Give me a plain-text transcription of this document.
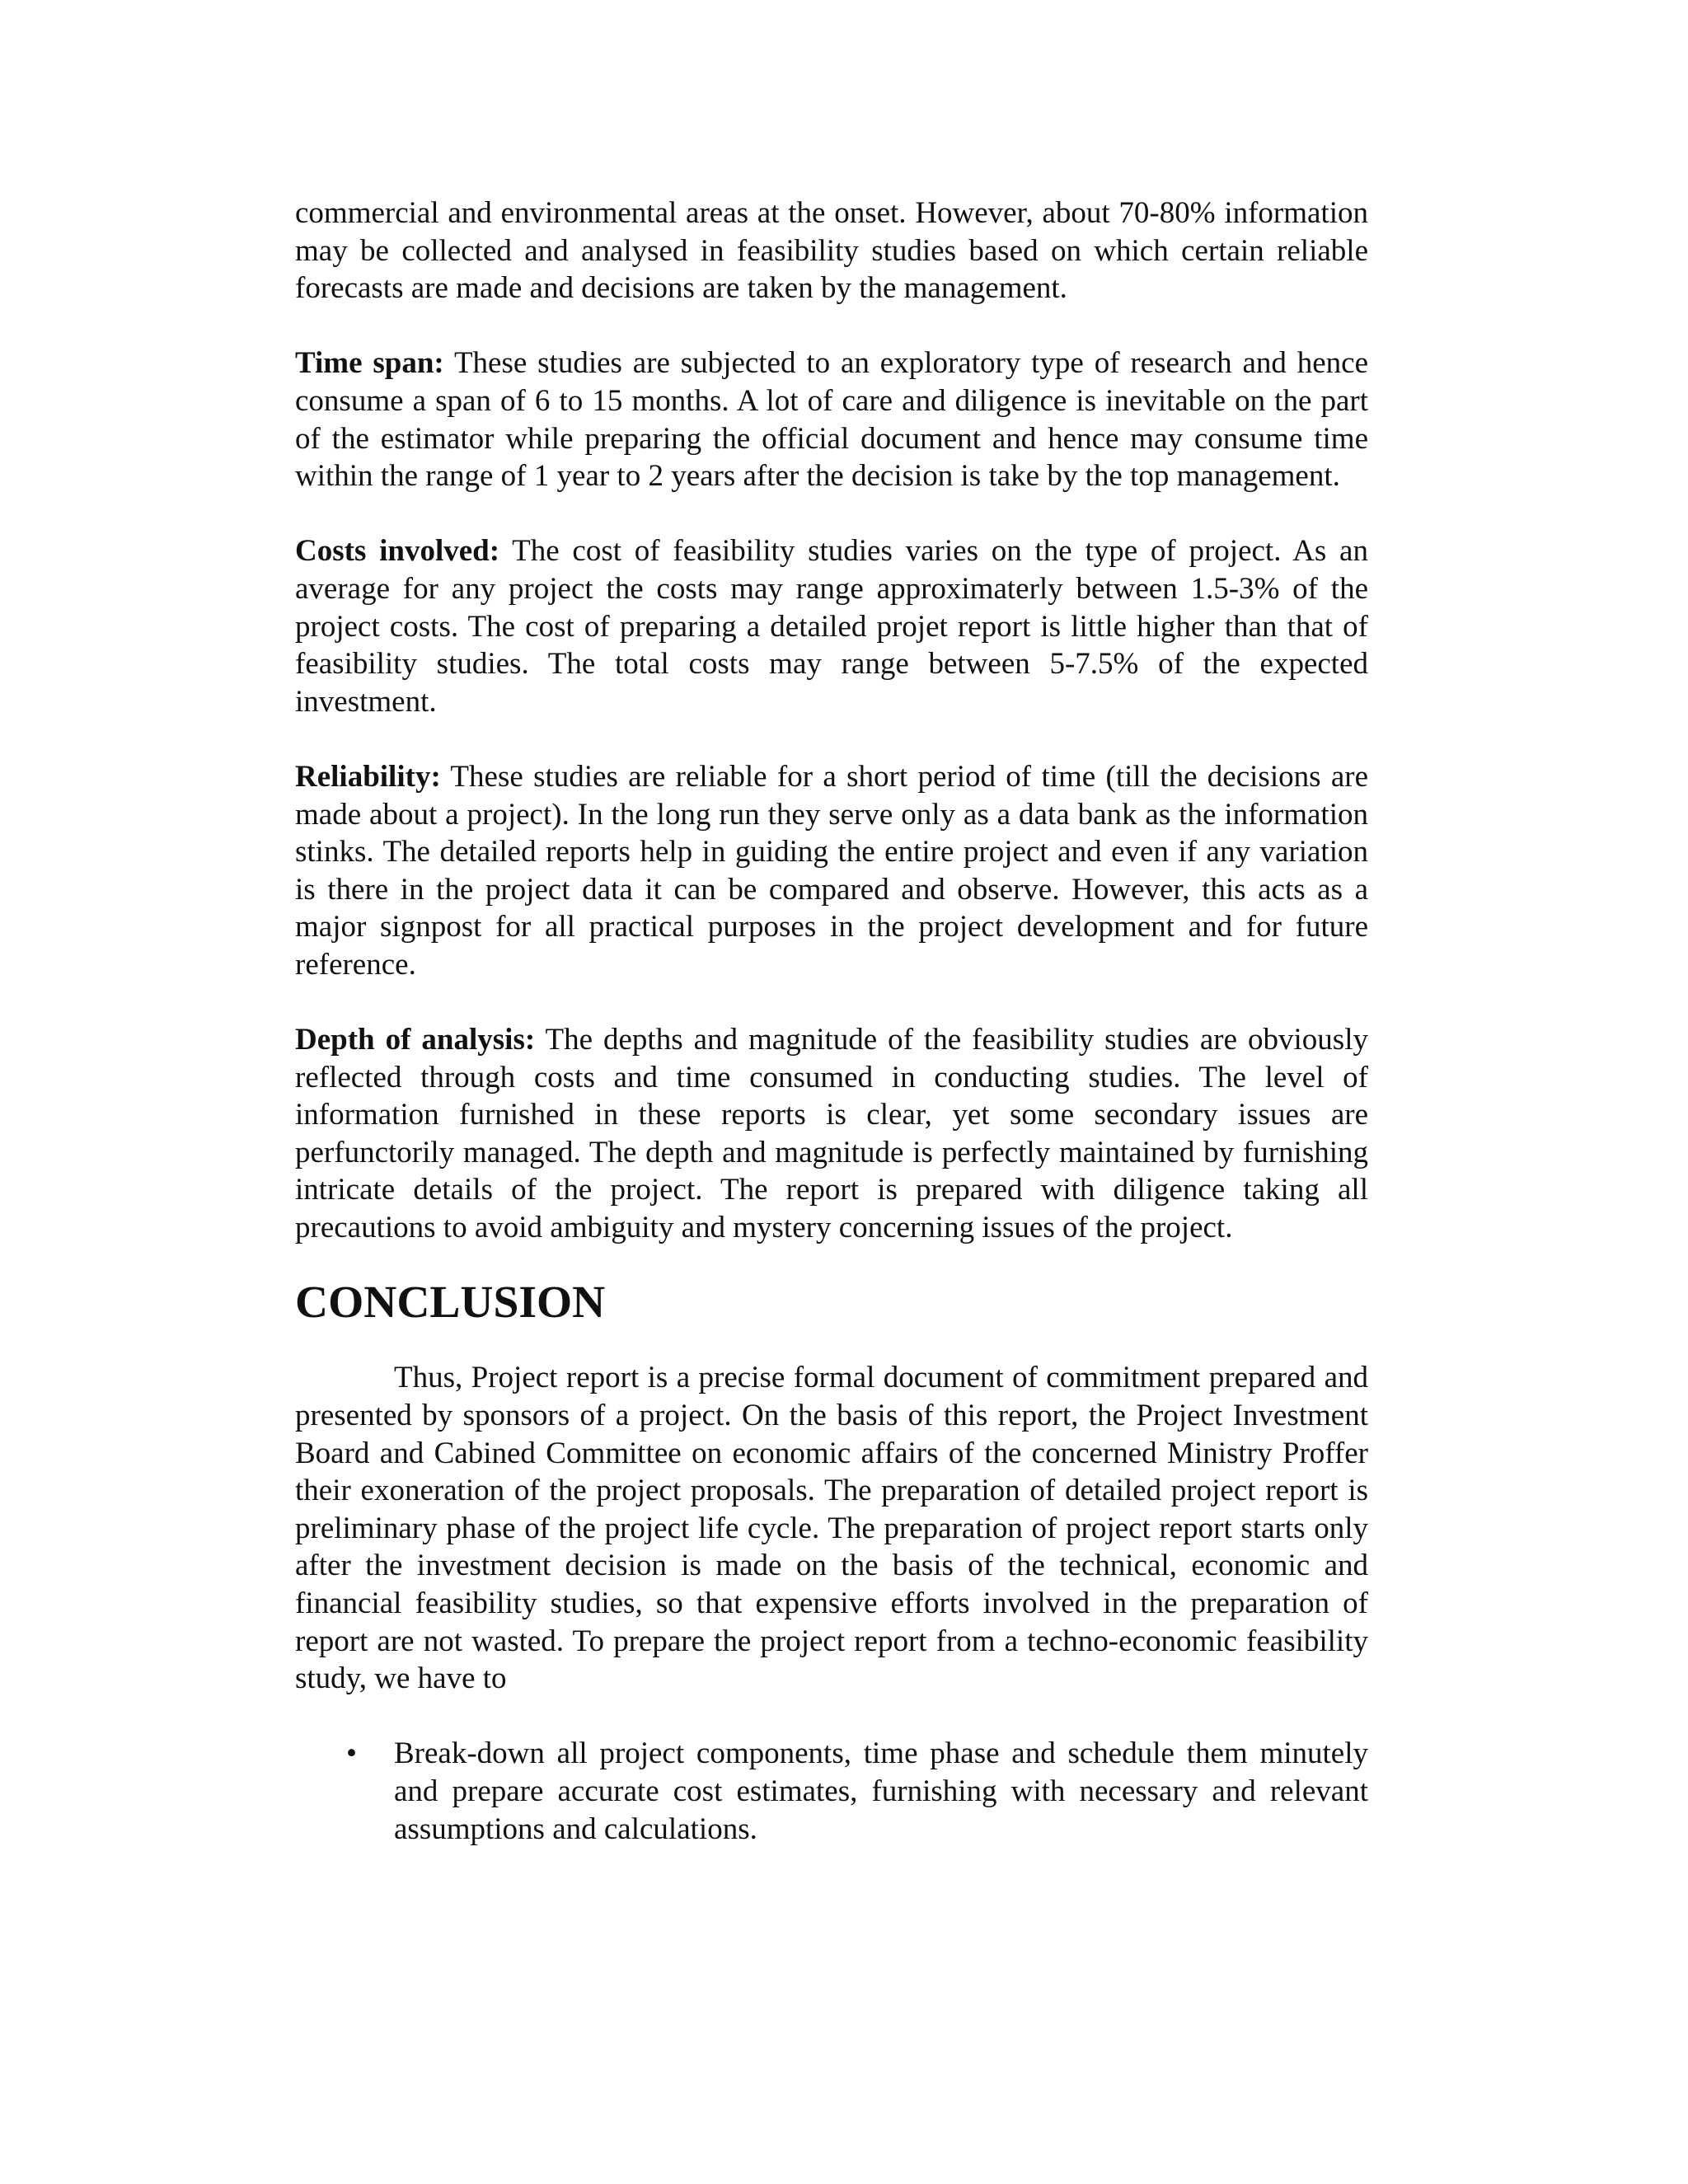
commercial and environmental areas at the onset. However, about 70-80% information may be collected and analysed in feasibility studies based on which certain reliable forecasts are made and decisions are taken by the management.

Time span: These studies are subjected to an exploratory type of research and hence consume a span of 6 to 15 months. A lot of care and diligence is inevitable on the part of the estimator while preparing the official document and hence may consume time within the range of 1 year to 2 years after the decision is take by the top management.

Costs involved: The cost of feasibility studies varies on the type of project. As an average for any project the costs may range approximaterly between 1.5-3% of the project costs. The cost of preparing a detailed projet report is little higher than that of feasibility studies. The total costs may range between 5-7.5% of the expected investment.

Reliability: These studies are reliable for a short period of time (till the decisions are made about a project). In the long run they serve only as a data bank as the information stinks. The detailed reports help in guiding the entire project and even if any variation is there in the project data it can be compared and observe. However, this acts as a major signpost for all practical purposes in the project development and for future reference.

Depth of analysis: The depths and magnitude of the feasibility studies are obviously reflected through costs and time consumed in conducting studies. The level of information furnished in these reports is clear, yet some secondary issues are perfunctorily managed. The depth and magnitude is perfectly maintained by furnishing intricate details of the project. The report is prepared with diligence taking all precautions to avoid ambiguity and mystery concerning issues of the project.

CONCLUSION

Thus, Project report is a precise formal document of commitment prepared and presented by sponsors of a project. On the basis of this report, the Project Investment Board and Cabined Committee on economic affairs of the concerned Ministry Proffer their exoneration of the project proposals. The preparation of detailed project report is preliminary phase of the project life cycle. The preparation of project report starts only after the investment decision is made on the basis of the technical, economic and financial feasibility studies, so that expensive efforts involved in the preparation of report are not wasted. To prepare the project report from a techno-economic feasibility study, we have to

• Break-down all project components, time phase and schedule them minutely and prepare accurate cost estimates, furnishing with necessary and relevant assumptions and calculations.
